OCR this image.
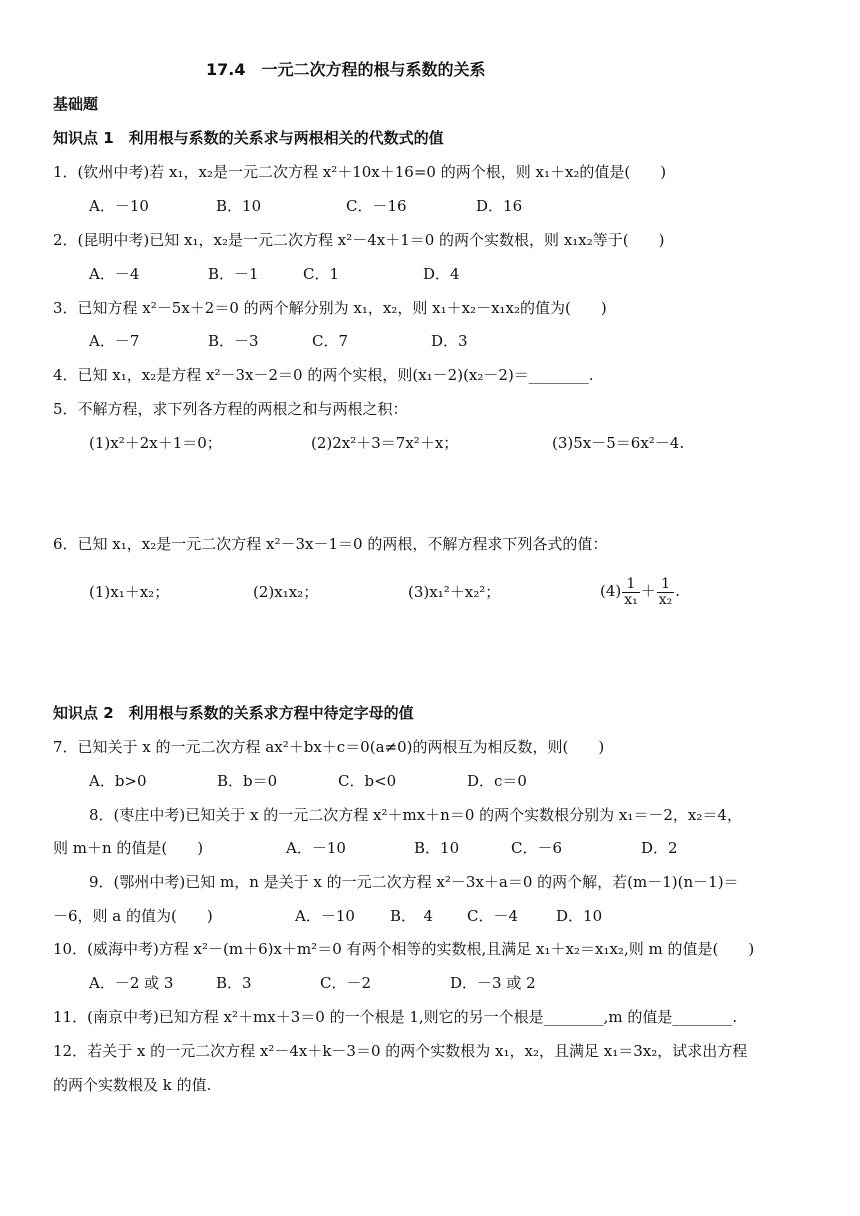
17.4　一元二次方程的根与系数的关系
基础题
知识点 1　利用根与系数的关系求与两根相关的代数式的值
1．(钦州中考)若 x₁，x₂是一元二次方程 x²＋10x＋16=0 的两个根，则 x₁＋x₂的值是(　　)
A．－10	B．10	C．－16	D．16
2．(昆明中考)已知 x₁，x₂是一元二次方程 x²－4x＋1＝0 的两个实数根，则 x₁x₂等于(　　)
A．－4	B．－1	C．1	D．4
3．已知方程 x²－5x＋2＝0 的两个解分别为 x₁，x₂，则 x₁＋x₂－x₁x₂的值为(　　)
A．－7	B．－3	C．7	D．3
4．已知 x₁，x₂是方程 x²－3x－2＝0 的两个实根，则(x₁－2)(x₂－2)＝________.
5．不解方程，求下列各方程的两根之和与两根之积：
(1)x²＋2x＋1＝0；	(2)2x²＋3＝7x²＋x；	(3)5x－5＝6x²－4.
6．已知 x₁，x₂是一元二次方程 x²－3x－1＝0 的两根，不解方程求下列各式的值：
(1)x₁＋x₂；	(2)x₁x₂；	(3)x₁²＋x₂²；	$(4) \frac{1}{\text{x₁}} + \frac{1}{\text{x₂}}$ .
知识点 2　利用根与系数的关系求方程中待定字母的值
7．已知关于 x 的一元二次方程 ax²＋bx＋c＝0(a≠0)的两根互为相反数，则(　　)
A．b>0	B．b＝0	C．b<0	D．c＝0
8．(枣庄中考)已知关于 x 的一元二次方程 x²＋mx＋n＝0 的两个实数根分别为 x₁＝－2，x₂＝4，
则 m＋n 的值是(　　)	A．－10	B．10	C．－6	D．2
9．(鄂州中考)已知 m，n 是关于 x 的一元二次方程 x²－3x＋a＝0 的两个解，若(m－1)(n－1)＝
－6，则 a 的值为(　　)	A．－10 B．　4 C．－4	D．10
10．(威海中考)方程 x²－(m＋6)x＋m²＝0 有两个相等的实数根,且满足 x₁＋x₂＝x₁x₂,则 m 的值是(　　)
A．－2 或 3	B．3	C．－2	D．－3 或 2
11．(南京中考)已知方程 x²＋mx＋3＝0 的一个根是 1,则它的另一个根是________,m 的值是________.
12．若关于 x 的一元二次方程 x²－4x＋k－3＝0 的两个实数根为 x₁，x₂，且满足 x₁＝3x₂，试求出方程
的两个实数根及 k 的值.
